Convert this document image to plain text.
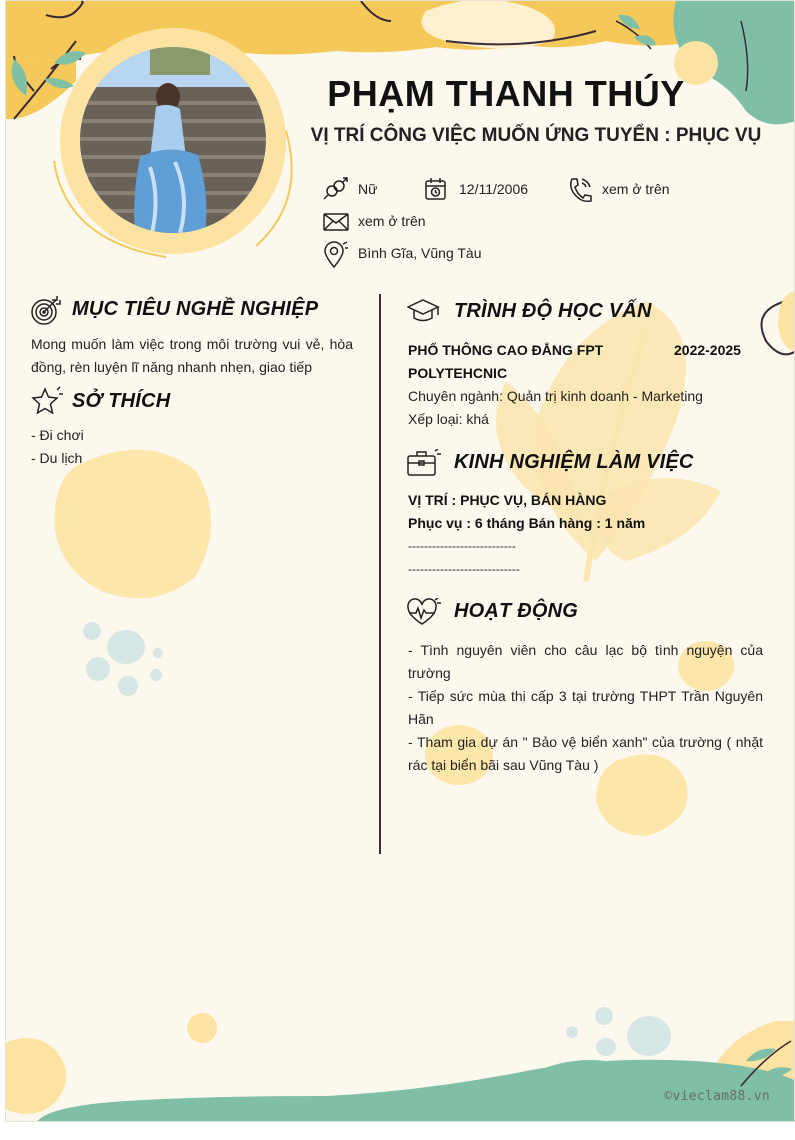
PHẠM THANH THÚY
VỊ TRÍ CÔNG VIỆC MUỐN ỨNG TUYỂN : PHỤC VỤ
Nữ	12/11/2006	xem ở trên
xem ở trên
Bình Gĩa, Vũng Tàu
MỤC TIÊU NGHỀ NGHIỆP
Mong muốn làm việc trong môi trường vui vẻ, hòa đồng, rèn luyện lĩ năng nhanh nhẹn, giao tiếp
SỞ THÍCH
- Đi chơi
- Du lịch
TRÌNH ĐỘ HỌC VẤN
PHỔ THÔNG CAO ĐẲNG FPT	2022-2025
POLYTEHCNIC
Chuyên ngành: Quản trị kinh doanh - Marketing
Xếp loại: khá
KINH NGHIỆM LÀM VIỆC
VỊ TRÍ : PHỤC VỤ, BÁN HÀNG
Phục vụ : 6 tháng Bán hàng : 1 năm
---------------------------
----------------------------
HOẠT ĐỘNG
- Tình nguyên viên cho câu lạc bộ tình nguyện của trường
- Tiếp sức mùa thi cấp 3 tại trường THPT Trần Nguyên Hãn
- Tham gia dự án " Bảo vệ biển xanh" của trường ( nhặt rác tại biển bãi sau Vũng Tàu )
©vieclam88.vn
